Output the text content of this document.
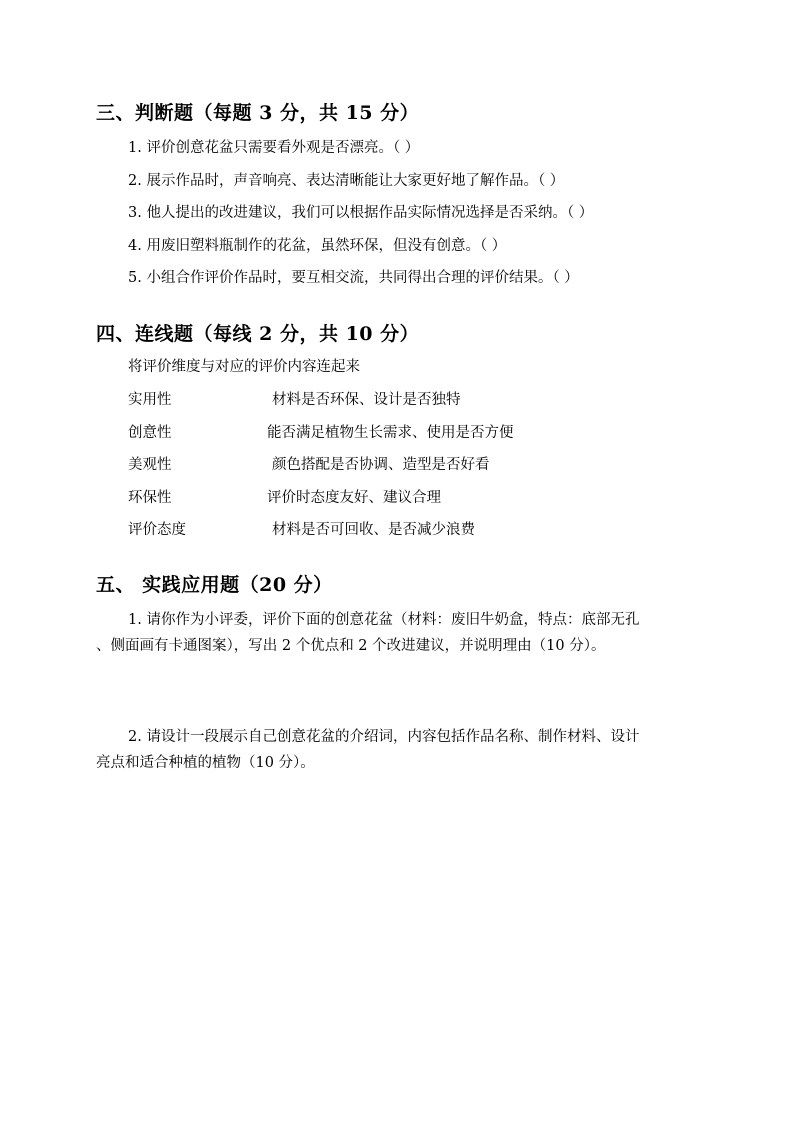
三、判断题（每题 3 分，共 15 分）
1. 评价创意花盆只需要看外观是否漂亮。（ ）
2. 展示作品时，声音响亮、表达清晰能让大家更好地了解作品。（ ）
3. 他人提出的改进建议，我们可以根据作品实际情况选择是否采纳。（ ）
4. 用废旧塑料瓶制作的花盆，虽然环保，但没有创意。（ ）
5. 小组合作评价作品时，要互相交流，共同得出合理的评价结果。（ ）
四、连线题（每线 2 分，共 10 分）
将评价维度与对应的评价内容连起来
实用性	材料是否环保、设计是否独特
创意性	能否满足植物生长需求、使用是否方便
美观性	颜色搭配是否协调、造型是否好看
环保性	评价时态度友好、建议合理
评价态度	材料是否可回收、是否减少浪费
五、 实践应用题（20 分）
1. 请你作为小评委，评价下面的创意花盆（材料：废旧牛奶盒，特点：底部无孔
、侧面画有卡通图案），写出 2 个优点和 2 个改进建议，并说明理由（10 分）。
2. 请设计一段展示自己创意花盆的介绍词，内容包括作品名称、制作材料、设计
亮点和适合种植的植物（10 分）。
